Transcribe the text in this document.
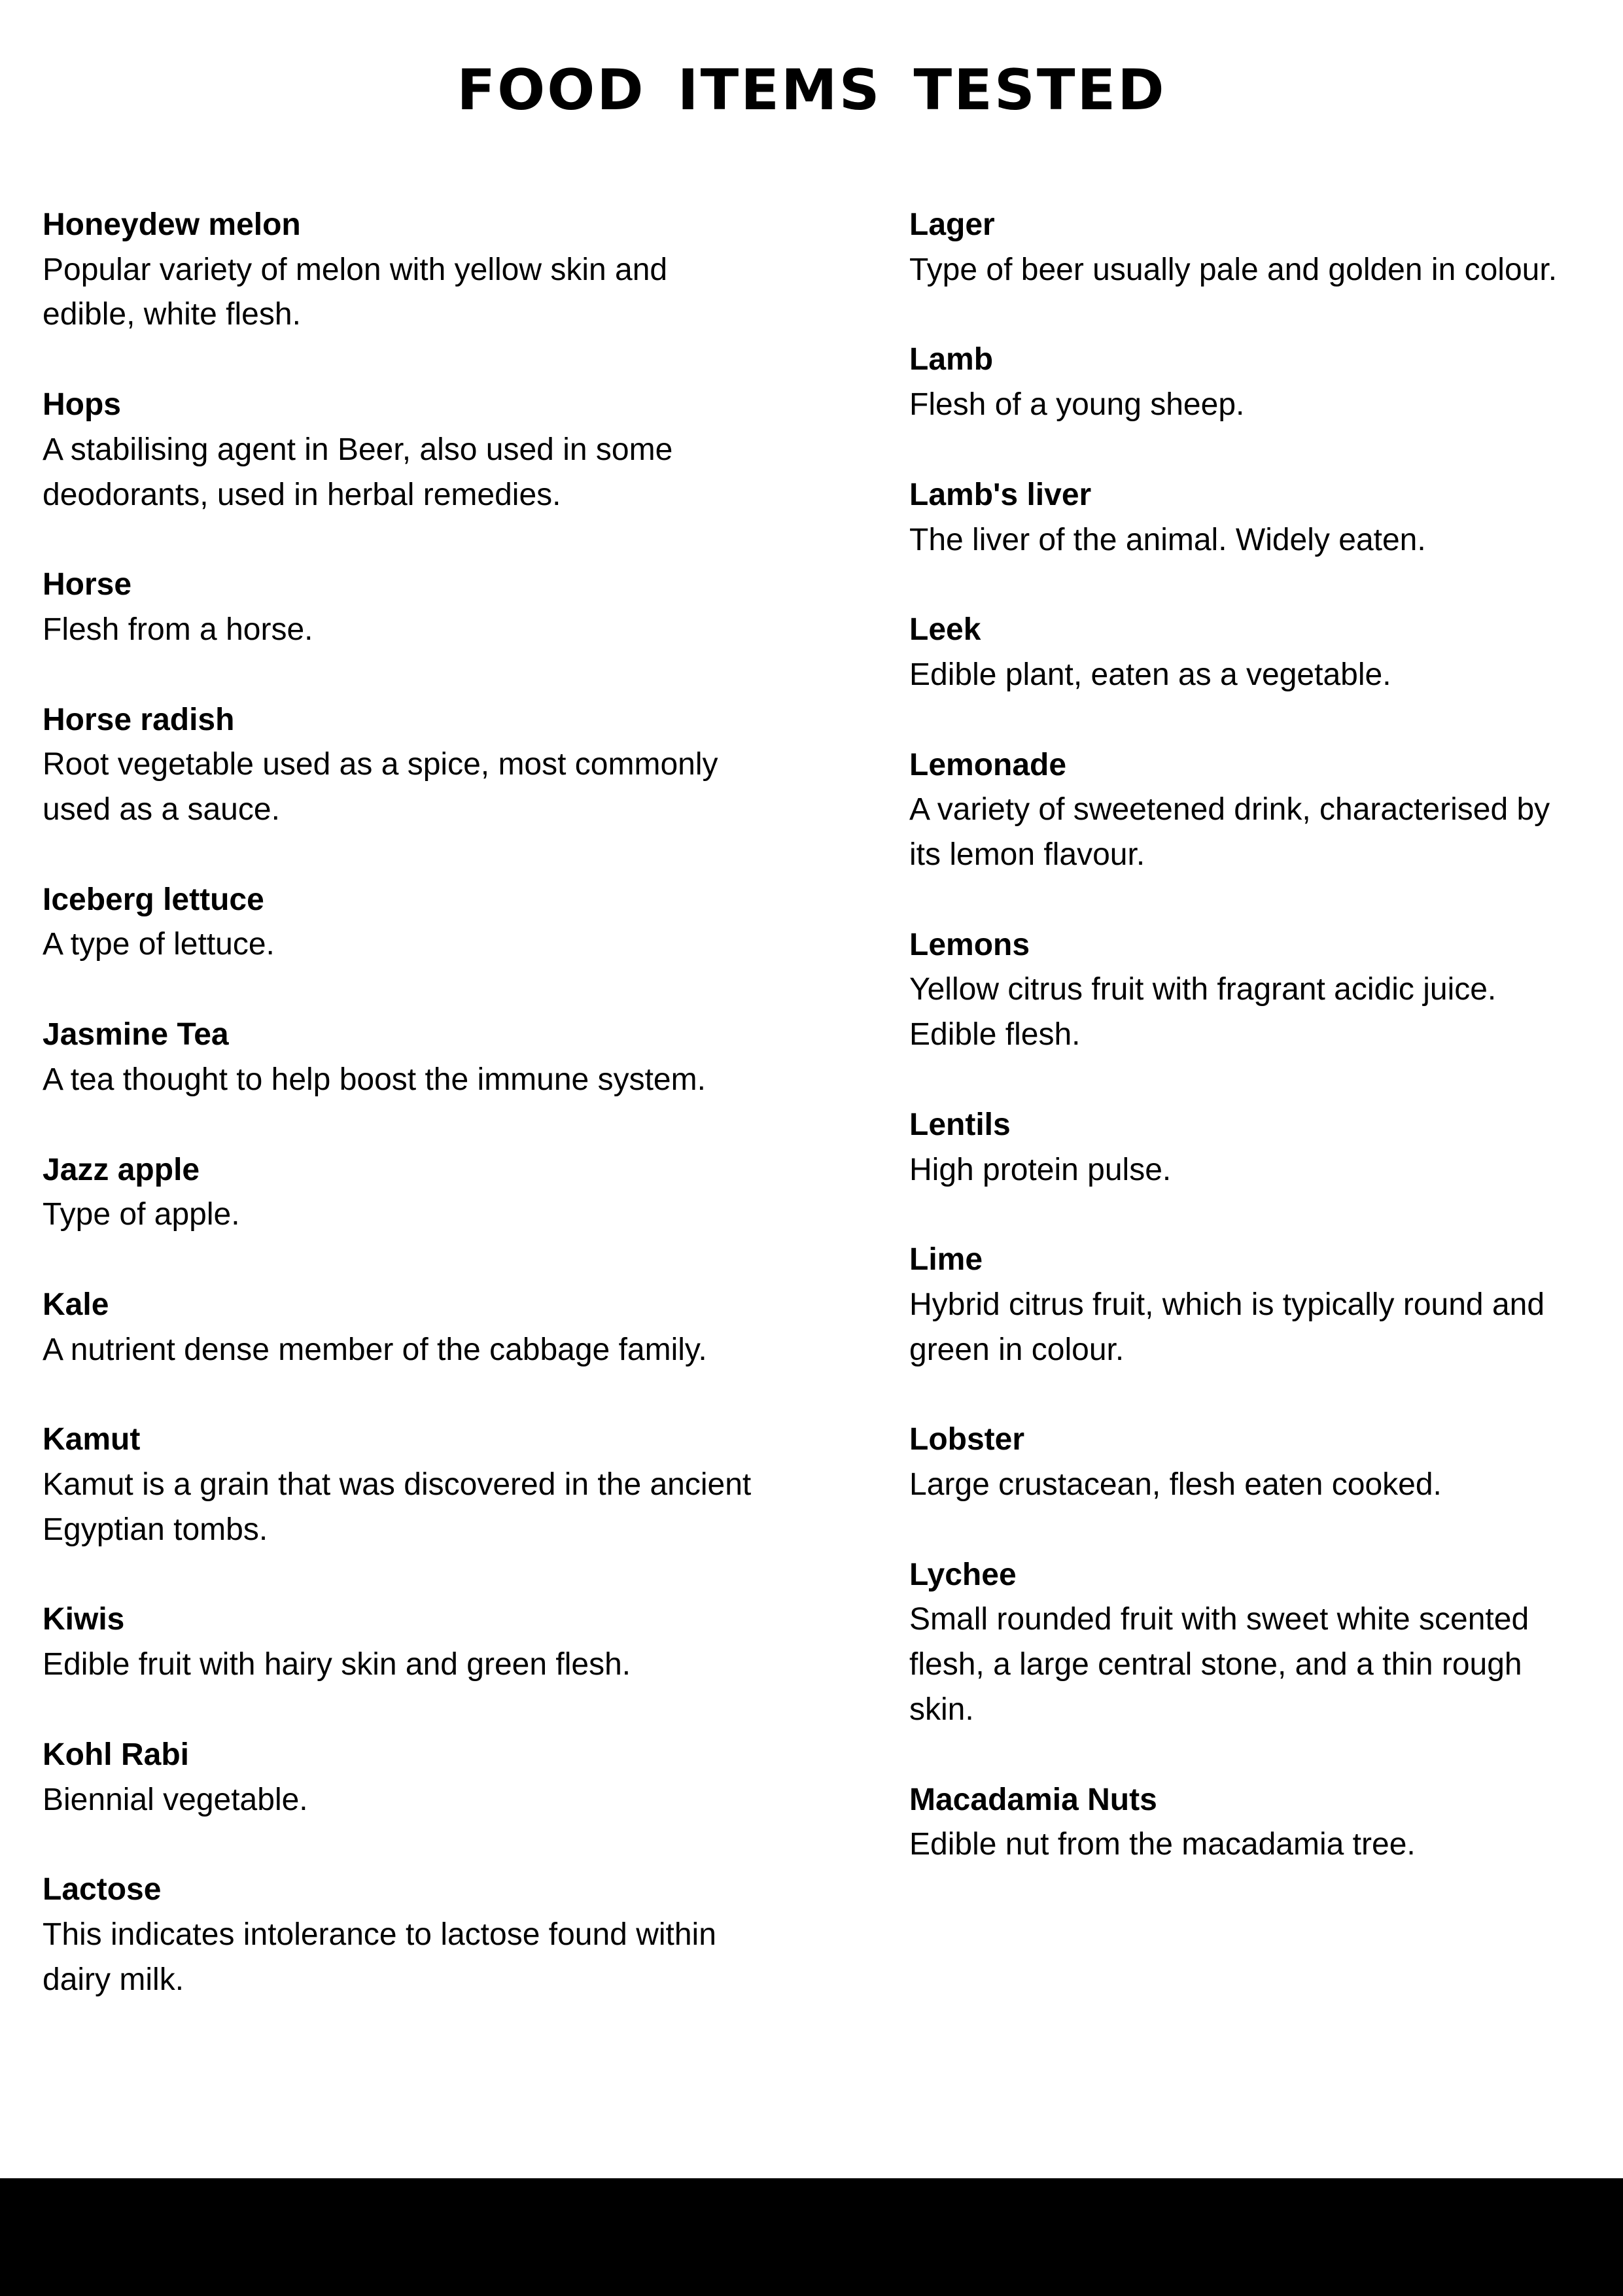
FOOD ITEMS TESTED
Honeydew melon
Popular variety of melon with yellow skin and edible, white flesh.
Hops
A stabilising agent in Beer, also used in some deodorants, used in herbal remedies.
Horse
Flesh from a horse.
Horse radish
Root vegetable used as a spice, most commonly used as a sauce.
Iceberg lettuce
A type of lettuce.
Jasmine Tea
A tea thought to help boost the immune system.
Jazz apple
Type of apple.
Kale
A nutrient dense member of the cabbage family.
Kamut
Kamut is a grain that was discovered in the ancient Egyptian tombs.
Kiwis
Edible fruit with hairy skin and green flesh.
Kohl Rabi
Biennial vegetable.
Lactose
This indicates intolerance to lactose found within dairy milk.
Lager
Type of beer usually pale and golden in colour.
Lamb
Flesh of a young sheep.
Lamb's liver
The liver of the animal. Widely eaten.
Leek
Edible plant, eaten as a vegetable.
Lemonade
A variety of sweetened drink, characterised by its lemon flavour.
Lemons
Yellow citrus fruit with fragrant acidic juice. Edible flesh.
Lentils
High protein pulse.
Lime
Hybrid citrus fruit, which is typically round and green in colour.
Lobster
Large crustacean, flesh eaten cooked.
Lychee
Small rounded fruit with sweet white scented flesh, a large central stone, and a thin rough skin.
Macadamia Nuts
Edible nut from the macadamia tree.
